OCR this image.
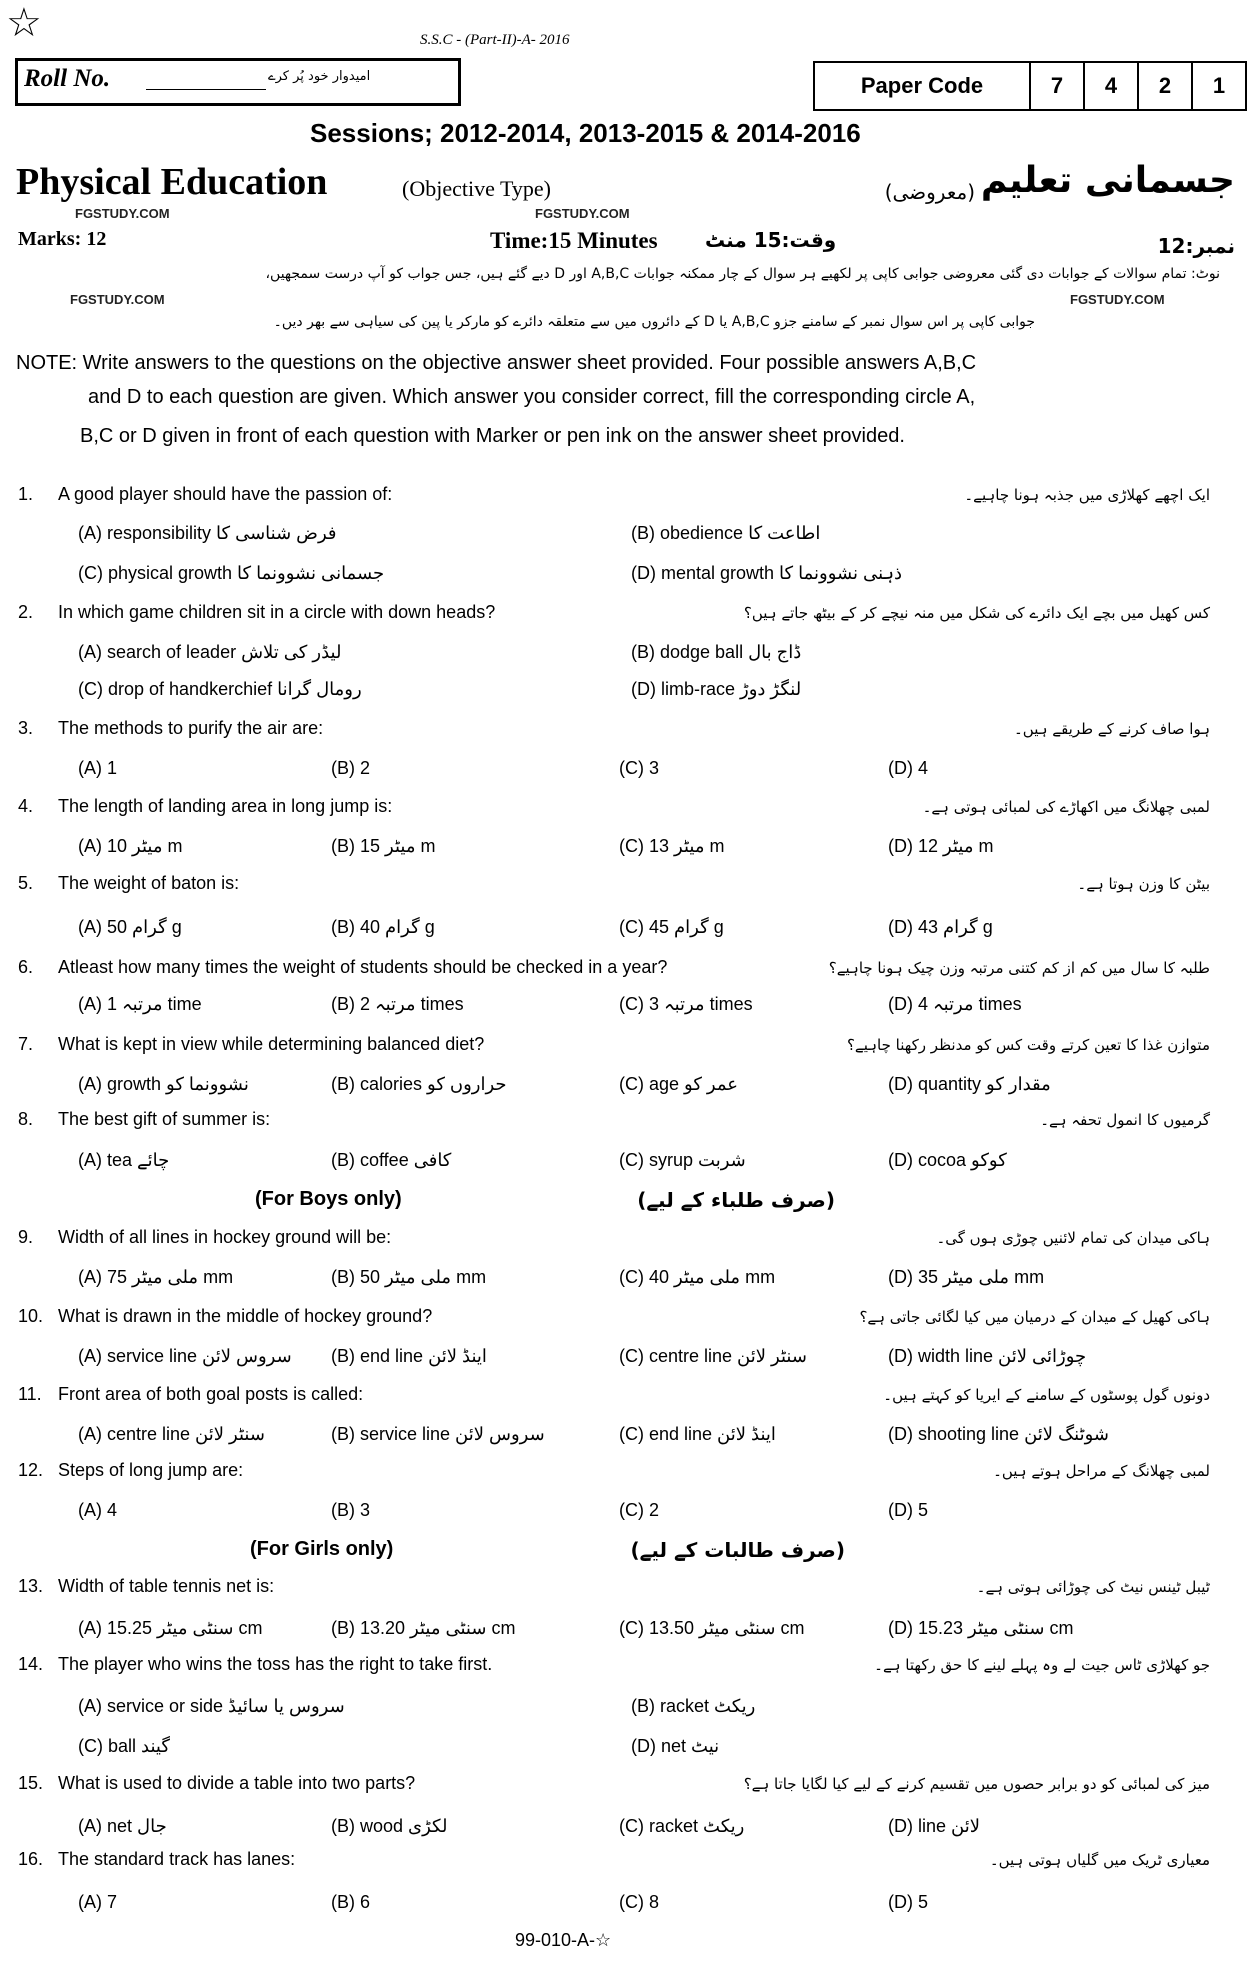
☆	S.S.C - (Part-II)-A- 2016
Roll No.	امیدوار خود پُر کرے	Paper Code	7	4	2	1
Sessions; 2012-2014, 2013-2015 & 2014-2016
Physical Education	(Objective Type)
FGSTUDY.COM	FGSTUDY.COM
جسمانی تعلیم
(معروضی)
Marks: 12	Time:15 Minutes وقت:15 منٹ	نمبر:12
نوٹ: تمام سوالات کے جوابات دی گئی معروضی جوابی کاپی پر لکھیے ہر سوال کے چار ممکنہ جوابات A,B,C اور D دیے گئے ہیں، جس جواب کو آپ درست سمجھیں،
FGSTUDY.COM	FGSTUDY.COM
جوابی کاپی پر اس سوال نمبر کے سامنے جزو A,B,C یا D کے دائروں میں سے متعلقہ دائرے کو مارکر یا پین کی سیاہی سے بھر دیں۔
NOTE: Write answers to the questions on the objective answer sheet provided. Four possible answers A,B,C
and D to each question are given. Which answer you consider correct, fill the corresponding circle A,
B,C or D given in front of each question with Marker or pen ink on the answer sheet provided.
(For Boys only)	(صرف طلباء کے لیے)
(For Girls only)	(صرف طالبات کے لیے)
1. A good player should have the passion of:	ایک اچھے کھلاڑی میں جذبہ ہونا چاہیے۔
(A) responsibility فرض شناسی کا	(B) obedience اطاعت کا
(C) physical growth جسمانی نشوونما کا	(D) mental growth ذہنی نشوونما کا
2. In which game children sit in a circle with down heads?	کس کھیل میں بچے ایک دائرے کی شکل میں منہ نیچے کر کے بیٹھ جاتے ہیں؟
(A) search of leader لیڈر کی تلاش	(B) dodge ball ڈاج بال
(C) drop of handkerchief رومال گرانا	(D) limb-race لنگڑ دوڑ
3. The methods to purify the air are:	ہوا صاف کرنے کے طریقے ہیں۔
(A) 1	(B) 2	(C) 3	(D) 4
4. The length of landing area in long jump is:	لمبی چھلانگ میں اکھاڑے کی لمبائی ہوتی ہے۔
(A) میٹر 10 m	(B) میٹر 15 m	(C) میٹر 13 m	(D) میٹر 12 m
5. The weight of baton is:	بیٹن کا وزن ہوتا ہے۔
(A) گرام 50 g	(B) گرام 40 g	(C) گرام 45 g	(D) گرام 43 g
6. Atleast how many times the weight of students should be checked in a year?	طلبہ کا سال میں کم از کم کتنی مرتبہ وزن چیک ہونا چاہیے؟
(A) مرتبہ 1 time	(B) مرتبہ 2 times	(C) مرتبہ 3 times	(D) مرتبہ 4 times
7. What is kept in view while determining balanced diet?	متوازن غذا کا تعین کرتے وقت کس کو مدنظر رکھنا چاہیے؟
(A) growth نشوونما کو	(B) calories حراروں کو	(C) age عمر کو	(D) quantity مقدار کو
8. The best gift of summer is:	گرمیوں کا انمول تحفہ ہے۔
(A) tea چائے	(B) coffee کافی	(C) syrup شربت	(D) cocoa کوکو
9. Width of all lines in hockey ground will be:	ہاکی میدان کی تمام لائنیں چوڑی ہوں گی۔
(A) ملی میٹر 75 mm	(B) ملی میٹر 50 mm	(C) ملی میٹر 40 mm	(D) ملی میٹر 35 mm
10. What is drawn in the middle of hockey ground?	ہاکی کھیل کے میدان کے درمیان میں کیا لگائی جاتی ہے؟
(A) service line سروس لائن (B) end line اینڈ لائن	(C) centre line سنٹر لائن	(D) width line چوڑائی لائن
11. Front area of both goal posts is called:	دونوں گول پوسٹوں کے سامنے کے ایریا کو کہتے ہیں۔
(A) centre line سنٹر لائن	(B) service line سروس لائن	(C) end line اینڈ لائن	(D) shooting line شوٹنگ لائن
12. Steps of long jump are:	لمبی چھلانگ کے مراحل ہوتے ہیں۔
(A) 4	(B) 3	(C) 2	(D) 5
13. Width of table tennis net is:	ٹیبل ٹینس نیٹ کی چوڑائی ہوتی ہے۔
(A) سنٹی میٹر 15.25 cm	(B) سنٹی میٹر 13.20 cm	(C) سنٹی میٹر 13.50 cm	(D) سنٹی میٹر 15.23 cm
14. The player who wins the toss has the right to take first.	جو کھلاڑی ٹاس جیت لے وہ پہلے لینے کا حق رکھتا ہے۔
(A) service or side سروس یا سائیڈ	(B) racket ریکٹ
(C) ball گیند	(D) net نیٹ
15. What is used to divide a table into two parts?	میز کی لمبائی کو دو برابر حصوں میں تقسیم کرنے کے لیے کیا لگایا جاتا ہے؟
(A) net جال	(B) wood لکڑی	(C) racket ریکٹ	(D) line لائن
16. The standard track has lanes:	معیاری ٹریک میں گلیاں ہوتی ہیں۔
(A) 7	(B) 6	(C) 8	(D) 5
99-010-A-☆
